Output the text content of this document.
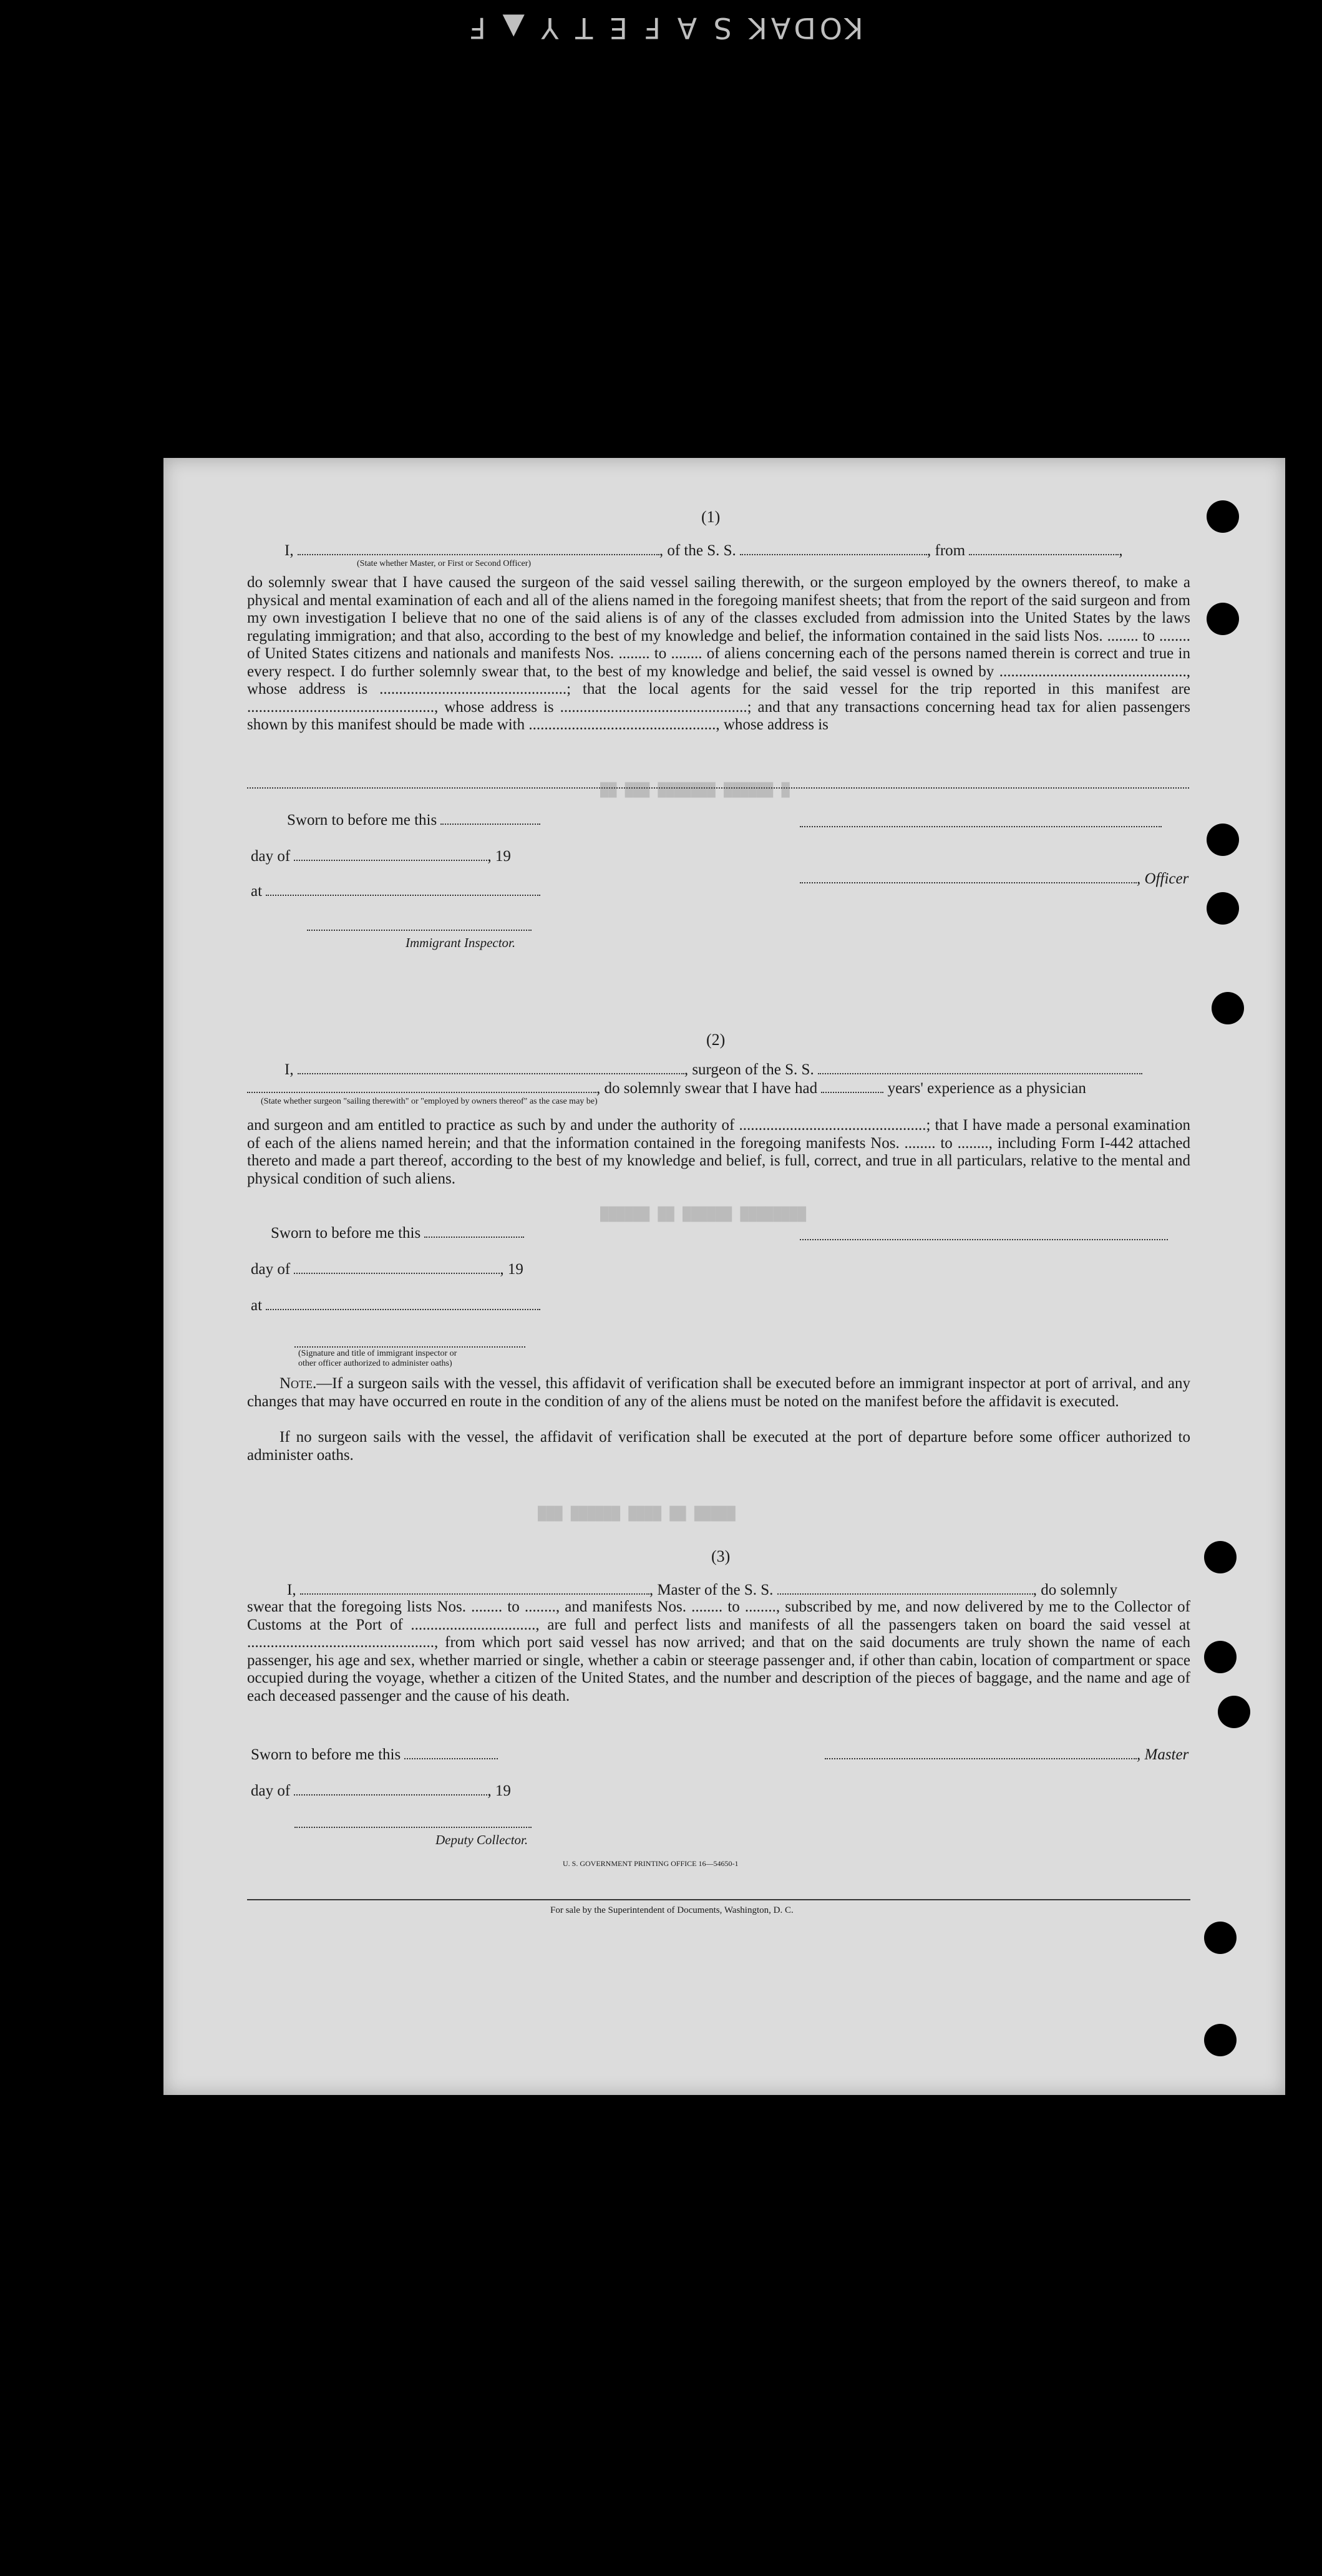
KODAK S A F E T Y ▲ F
██ ███ ███████ ██████ █
██████ ██ ██████ ████████
███ ██████ ████ ██ █████
(1)
I,	, of the S. S.	, from	,
(State whether Master, or First or Second Officer)
do solemnly swear that I have caused the surgeon of the said vessel sailing therewith, or the surgeon employed by the owners thereof, to make a physical and mental examination of each and all of the aliens named in the foregoing manifest sheets; that from the report of the said surgeon and from my own investigation I believe that no one of the said aliens is of any of the classes excluded from admission into the United States by the laws regulating immigration; and that also, according to the best of my knowledge and belief, the information contained in the said lists Nos. ........ to ........ of United States citizens and nationals and manifests Nos. ........ to ........ of aliens concerning each of the persons named therein is correct and true in every respect. I do further solemnly swear that, to the best of my knowledge and belief, the said vessel is owned by ................................................, whose address is ................................................; that the local agents for the said vessel for the trip reported in this manifest are ................................................, whose address is ................................................; and that any transactions concerning head tax for alien passengers shown by this manifest should be made with ................................................, whose address is
Sworn to before me this
day of	, 19
at
Immigrant Inspector.
, Officer
(2)
I,	, surgeon of the S. S.
, do solemnly swear that I have had	years' experience as a physician
(State whether surgeon "sailing therewith" or "employed by owners thereof" as the case may be)
and surgeon and am entitled to practice as such by and under the authority of ................................................; that I have made a personal examination of each of the aliens named herein; and that the information contained in the foregoing manifests Nos. ........ to ........, including Form I-442 attached thereto and made a part thereof, according to the best of my knowledge and belief, is full, correct, and true in all particulars, relative to the mental and physical condition of such aliens.
Sworn to before me this
day of	, 19
at
(Signature and title of immigrant inspector or
other officer authorized to administer oaths)
Note.—If a surgeon sails with the vessel, this affidavit of verification shall be executed before an immigrant inspector at port of arrival, and any changes that may have occurred en route in the condition of any of the aliens must be noted on the manifest before the affidavit is executed.
If no surgeon sails with the vessel, the affidavit of verification shall be executed at the port of departure before some officer authorized to administer oaths.
(3)
I,	, Master of the S. S.	, do solemnly
swear that the foregoing lists Nos. ........ to ........, and manifests Nos. ........ to ........, subscribed by me, and now delivered by me to the Collector of Customs at the Port of ................................, are full and perfect lists and manifests of all the passengers taken on board the said vessel at ................................................, from which port said vessel has now arrived; and that on the said documents are truly shown the name of each passenger, his age and sex, whether married or single, whether a cabin or steerage passenger and, if other than cabin, location of compartment or space occupied during the voyage, whether a citizen of the United States, and the number and description of the pieces of baggage, and the name and age of each deceased passenger and the cause of his death.
Sworn to before me this	, Master
day of	, 19
Deputy Collector.
U. S. GOVERNMENT PRINTING OFFICE 16—54650-1
For sale by the Superintendent of Documents, Washington, D. C.
